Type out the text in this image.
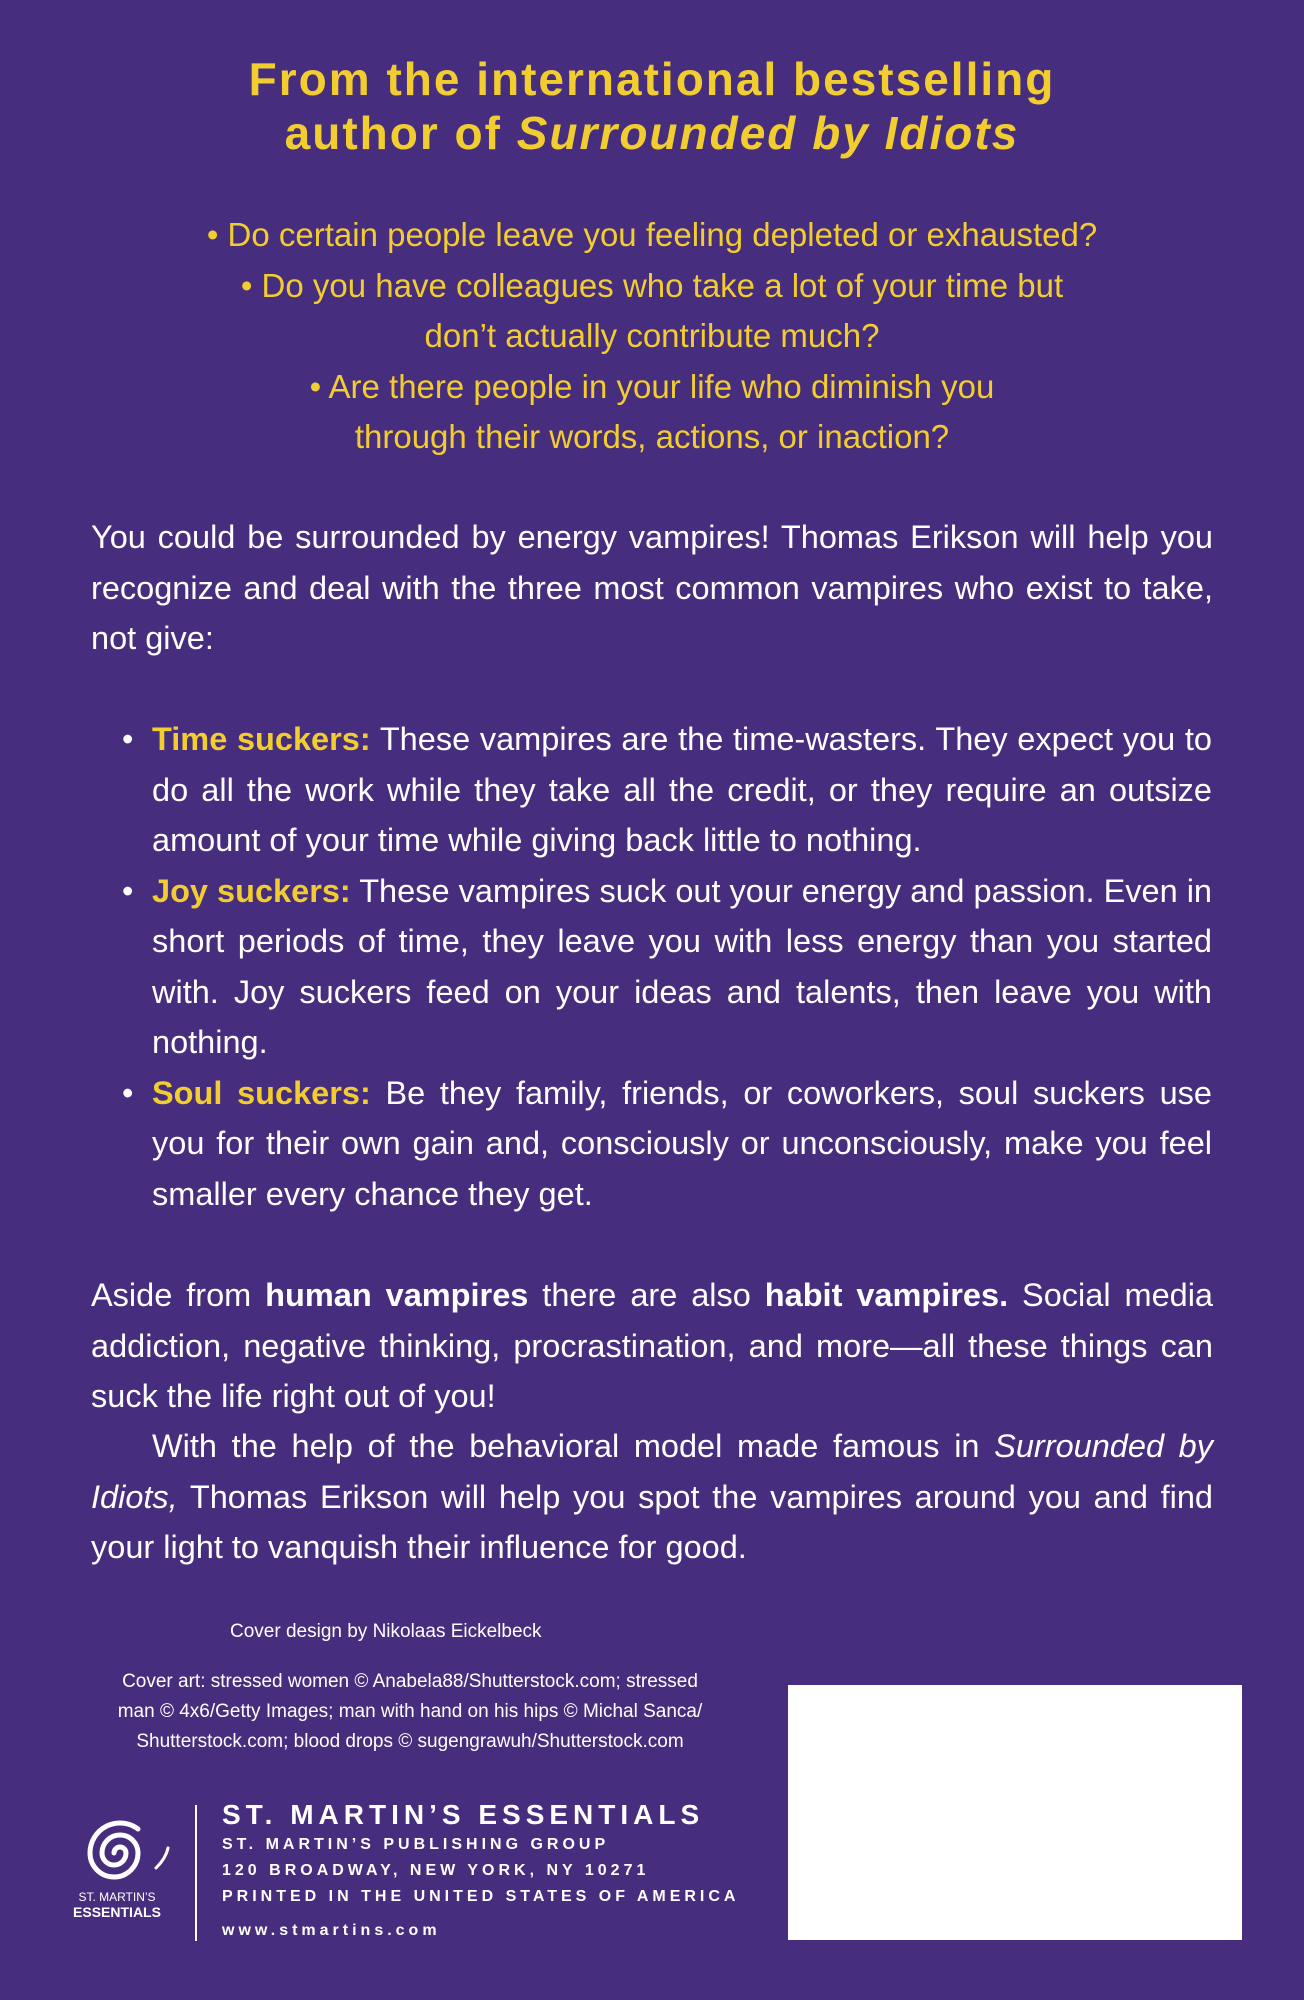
From the international bestselling
author of Surrounded by Idiots
• Do certain people leave you feeling depleted or exhausted?
• Do you have colleagues who take a lot of your time but
don’t actually contribute much?
• Are there people in your life who diminish you
through their words, actions, or inaction?
You could be surrounded by energy vampires! Thomas Erikson will help you recognize and deal with the three most common vampires who exist to take, not give:
• Time suckers: These vampires are the time-wasters. They expect you to do all the work while they take all the credit, or they require an outsize amount of your time while giving back little to nothing.
• Joy suckers: These vampires suck out your energy and passion. Even in short periods of time, they leave you with less energy than you started with. Joy suckers feed on your ideas and talents, then leave you with nothing.
• Soul suckers: Be they family, friends, or coworkers, soul suckers use you for their own gain and, consciously or unconsciously, make you feel smaller every chance they get.
Aside from human vampires there are also habit vampires. Social media addiction, negative thinking, procrastination, and more—all these things can suck the life right out of you!
With the help of the behavioral model made famous in Surrounded by Idiots, Thomas Erikson will help you spot the vampires around you and find your light to vanquish their influence for good.
Cover design by Nikolaas Eickelbeck
Cover art: stressed women © Anabela88/Shutterstock.com; stressed
man © 4x6/Getty Images; man with hand on his hips © Michal Sanca/
Shutterstock.com; blood drops © sugengrawuh/Shutterstock.com
ST. MARTIN’S
ESSENTIALS
ST. MARTIN’S ESSENTIALS
ST. MARTIN’S PUBLISHING GROUP
120 BROADWAY, NEW YORK, NY 10271
PRINTED IN THE UNITED STATES OF AMERICA
www.stmartins.com
